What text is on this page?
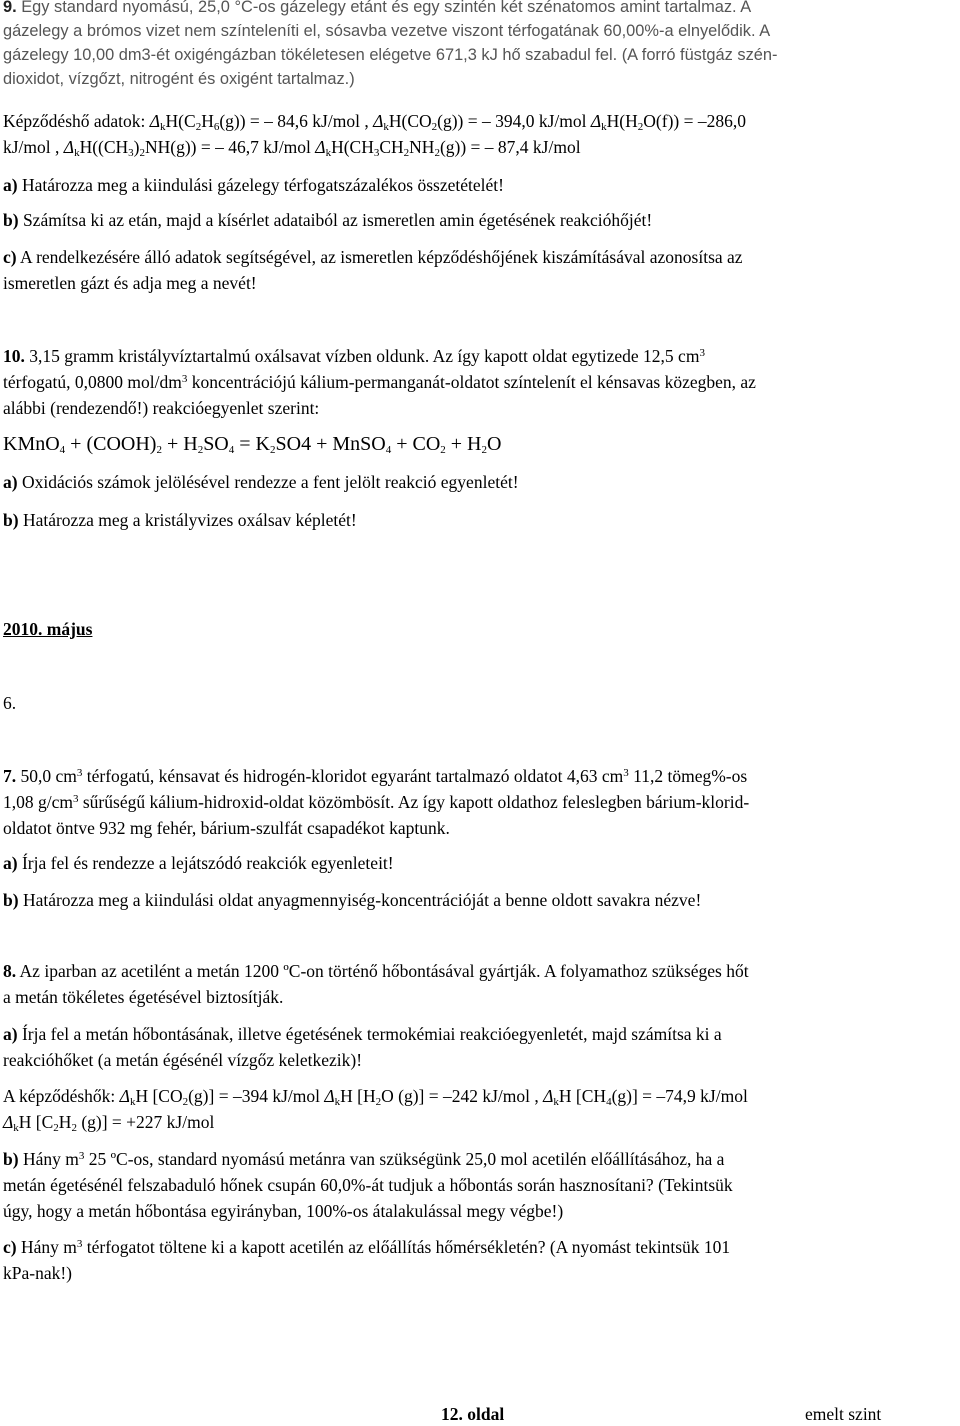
9. Egy standard nyomású, 25,0 °C-os gázelegy etánt és egy szintén két szénatomos amint tartalmaz. A
gázelegy a brómos vizet nem színteleníti el, sósavba vezetve viszont térfogatának 60,00%-a elnyelődik. A
gázelegy 10,00 dm3-ét oxigéngázban tökéletesen elégetve 671,3 kJ hő szabadul fel. (A forró füstgáz szén-
dioxidot, vízgőzt, nitrogént és oxigént tartalmaz.)
Képződéshő adatok: $\Delta_kH(C_2H_6(g))$ = – 84,6 kJ/mol , $\Delta_kH(CO_2(g))$ = – 394,0 kJ/mol $\Delta_kH(H_2O(f)) = -286,0$
kJ/mol , $\Delta_kH((CH_3)_2NH(g))$ = – 46,7 kJ/mol $\Delta_kH(CH_3CH_2NH_2(g))$ = – 87,4 kJ/mol
a) Határozza meg a kiindulási gázelegy térfogatszázalékos összetételét!
b) Számítsa ki az etán, majd a kísérlet adataiból az ismeretlen amin égetésének reakcióhőjét!
c) A rendelkezésére álló adatok segítségével, az ismeretlen képződéshőjének kiszámításával azonosítsa az
ismeretlen gázt és adja meg a nevét!
10. 3,15 gramm kristályvíztartalmú oxálsavat vízben oldunk. Az így kapott oldat egytizede 12,5 $cm^3$
térfogatú, 0,0800 mol/$dm^3$ koncentrációjú kálium-permanganát-oldatot színtelenít el kénsavas közegben, az
alábbi (rendezendő!) reakcióegyenlet szerint:
KMnO$_4$ + $(COOH)_2 + H_2SO_4 = K_2SO4$ + MnSO$_4$ + $CO_2 + H_2O$
a) Oxidációs számok jelölésével rendezze a fent jelölt reakció egyenletét!
b) Határozza meg a kristályvizes oxálsav képletét!
2010. május
6.
7. 50,0 $cm^3$ térfogatú, kénsavat és hidrogén-kloridot egyaránt tartalmazó oldatot 4,63 $cm^3$ 11,2 tömeg%-os
1,08 $g/cm^3$ sűrűségű kálium-hidroxid-oldat közömbösít. Az így kapott oldathoz feleslegben bárium-klorid-
oldatot öntve 932 mg fehér, bárium-szulfát csapadékot kaptunk.
a) Írja fel és rendezze a lejátszódó reakciók egyenleteit!
b) Határozza meg a kiindulási oldat anyagmennyiség-koncentrációját a benne oldott savakra nézve!
8. Az iparban az acetilént a metán 1200 ºC-on történő hőbontásával gyártják. A folyamathoz szükséges hőt
a metán tökéletes égetésével biztosítják.
a) Írja fel a metán hőbontásának, illetve égetésének termokémiai reakcióegyenletét, majd számítsa ki a
reakcióhőket (a metán égésénél vízgőz keletkezik)!
A képződéshők: $\Delta_kH$ $[CO_2(g)] = -394$ kJ/mol $\Delta_kH$ [$H_2O$ (g)] = –242 kJ/mol , $\Delta_kH$ $[CH_4(g)] = -74,9$ kJ/mol
$\Delta_kH$ [$C_2H_2$ (g)] = +227 kJ/mol
b) Hány $m^3$ 25 ºC-os, standard nyomású metánra van szükségünk 25,0 mol acetilén előállításához, ha a
metán égetésénél felszabaduló hőnek csupán 60,0%-át tudjuk a hőbontás során hasznosítani? (Tekintsük
úgy, hogy a metán hőbontása egyirányban, 100%-os átalakulással megy végbe!)
c) Hány $m^3$ térfogatot töltene ki a kapott acetilén az előállítás hőmérsékletén? (A nyomást tekintsük 101
kPa-nak!)
12. oldal	emelt szint
